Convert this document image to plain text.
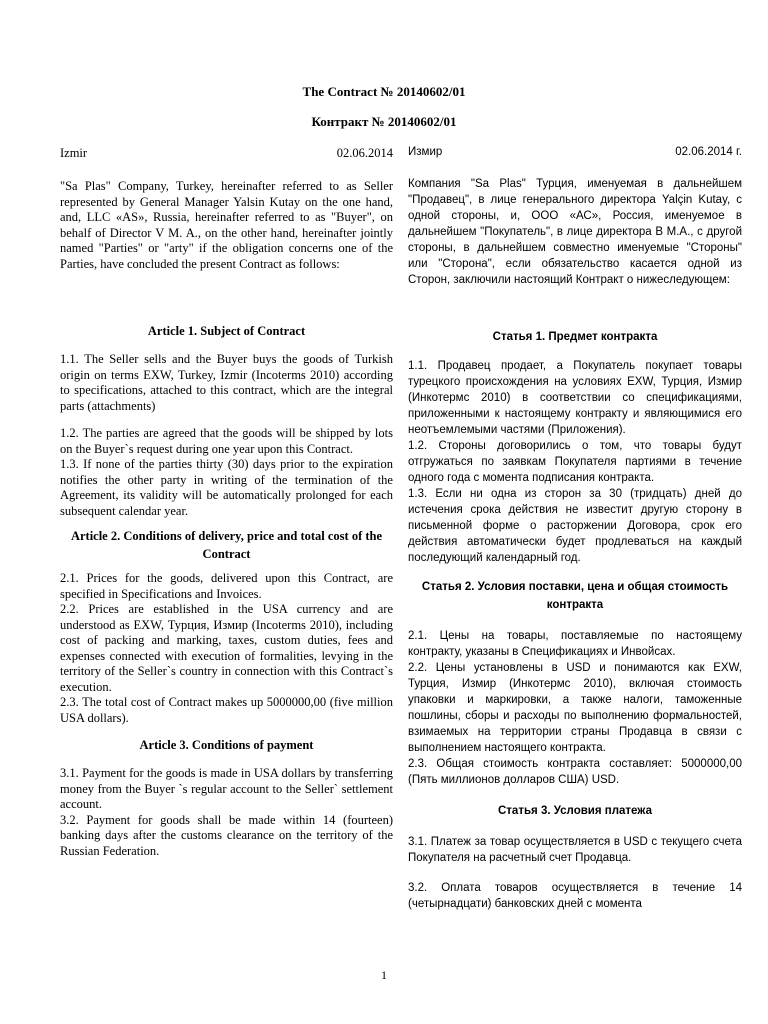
The Contract № 20140602/01
Контракт № 20140602/01
Izmir	02.06.2014

"Sa Plas" Company, Turkey, hereinafter referred to as Seller represented by General Manager Yalsin Kutay on the one hand, and, LLC «AS», Russia, hereinafter referred to as "Buyer", on behalf of Director V M. A., on the other hand, hereinafter jointly named "Parties" or "arty" if the obligation concerns one of the Parties, have concluded the present Contract as follows:

Article 1. Subject of Contract

1.1. The Seller sells and the Buyer buys the goods of Turkish origin on terms EXW, Turkey, Izmir (Incoterms 2010) according to specifications, attached to this contract, which are the integral parts (attachments)

1.2. The parties are agreed that the goods will be shipped by lots on the Buyer`s request during one year upon this Contract.

1.3. If none of the parties thirty (30) days prior to the expiration notifies the other party in writing of the termination of the Agreement, its validity will be automatically prolonged for each subsequent calendar year.

Article 2. Conditions of delivery, price and total cost of the Contract

2.1. Prices for the goods, delivered upon this Contract, are specified in Specifications and Invoices.

2.2. Prices are established in the USA currency and are understood as EXW, Турция, Измир (Incoterms 2010), including cost of packing and marking, taxes, custom duties, fees and expenses connected with execution of formalities, levying in the territory of the Seller`s country in connection with this Contract`s execution.

2.3. The total cost of Contract makes up 5000000,00 (five million USA dollars).

Article 3. Conditions of payment

3.1. Payment for the goods is made in USA dollars by transferring money from the Buyer `s regular account to the Seller` settlement account.

3.2. Payment for goods shall be made within 14 (fourteen) banking days after the customs clearance on the territory of the Russian Federation.

Измир	02.06.2014 г.

Компания "Sa Plas" Турция, именуемая в дальнейшем "Продавец", в лице генерального директора Yalçin Kutay, с одной стороны, и, ООО «АС», Россия, именуемое в дальнейшем "Покупатель", в лице директора В М.А., с другой стороны, в дальнейшем совместно именуемые "Стороны" или "Сторона", если обязательство касается одной из Сторон, заключили настоящий Контракт о нижеследующем:

Статья 1. Предмет контракта

1.1. Продавец продает, а Покупатель покупает товары турецкого происхождения на условиях EXW, Турция, Измир (Инкотермс 2010) в соответствии со спецификациями, приложенными к настоящему контракту и являющимися его неотъемлемыми частями (Приложения).

1.2. Стороны договорились о том, что товары будут отгружаться по заявкам Покупателя партиями в течение одного года с момента подписания контракта.

1.3. Если ни одна из сторон за 30 (тридцать) дней до истечения срока действия не известит другую сторону в письменной форме о расторжении Договора, срок его действия автоматически будет продлеваться на каждый последующий календарный год.

Статья 2. Условия поставки, цена и общая стоимость контракта

2.1. Цены на товары, поставляемые по настоящему контракту, указаны в Спецификациях и Инвойсах.

2.2. Цены установлены в USD и понимаются как EXW, Турция, Измир (Инкотермс 2010), включая стоимость упаковки и маркировки, а также налоги, таможенные пошлины, сборы и расходы по выполнению формальностей, взимаемых на территории страны Продавца в связи с выполнением настоящего контракта.

2.3. Общая стоимость контракта составляет: 5000000,00 (Пять миллионов долларов США) USD.

Статья 3. Условия платежа

3.1. Платеж за товар осуществляется в USD с текущего счета Покупателя на расчетный счет Продавца.

3.2. Оплата товаров осуществляется в течение 14 (четырнадцати) банковских дней с момента

1
